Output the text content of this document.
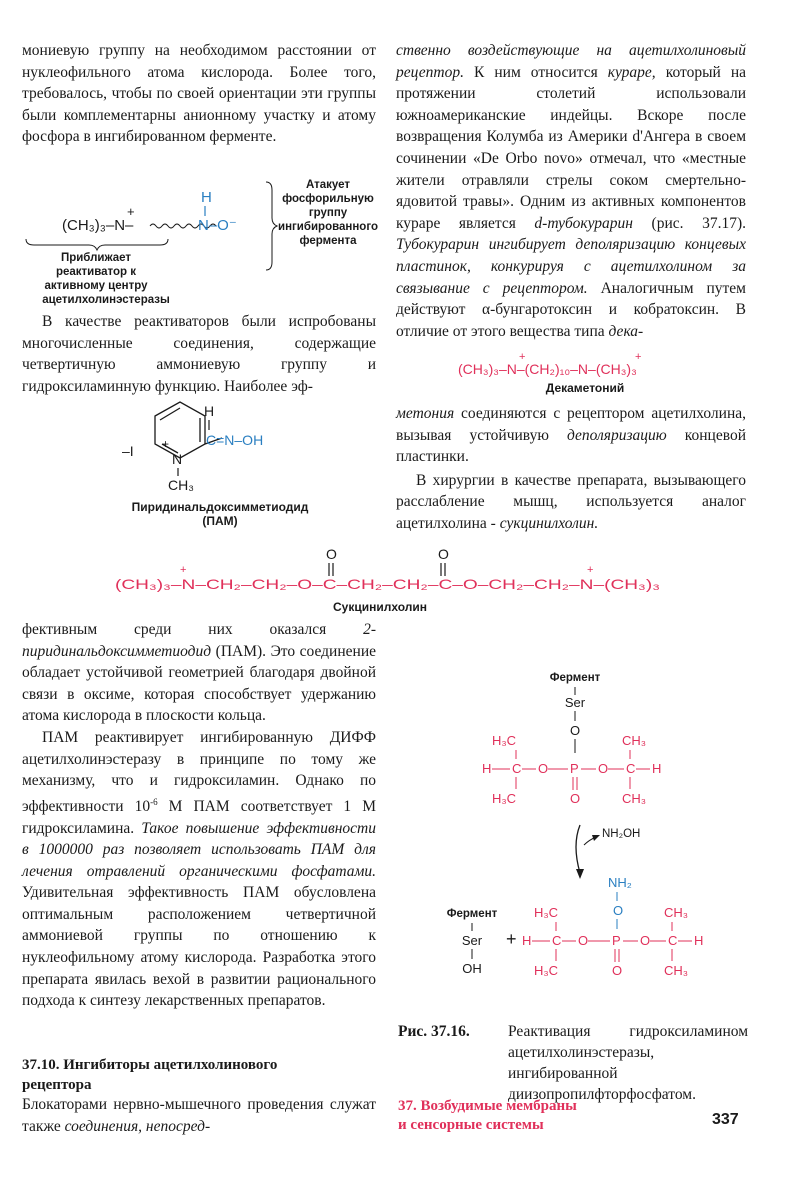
мониевую группу на необходимом расстоянии от нуклеофильного атома кислорода. Более того, требовалось, чтобы по своей ориентации эти группы были комплементарны анионному участку и атому фосфора в ингибированном ферменте.

+
(CH₃)₃–N–
H
N–O⁻
Атакует
фосфорильную
группу
ингибированного
фермента
Приближает
реактиватор к
активному центру
ацетилхолинэстеразы

В качестве реактиваторов были испробованы многочисленные соединения, содержащие четвертичную аммониевую группу и гидроксиламинную функцию. Наиболее эф-

H
C=N–OH
N
+
CH₃
–I
Пиридинальдоксимметиодид
(ПАМ)

ственно воздействующие на ацетилхолиновый рецептор. К ним относится кураре, который на протяжении столетий использовали южноамериканские индейцы. Вскоре после возвращения Колумба из Америки d'Ангера в своем сочинении «De Orbo novo» отмечал, что «местные жители отравляли стрелы соком смертельно-ядовитой травы». Одним из активных компонентов кураре является d-тубокурарин (рис. 37.17). Тубокурарин ингибирует деполяризацию концевых пластинок, конкурируя с ацетилхолином за связывание с рецептором. Аналогичным путем действуют α-бунгаротоксин и кобратоксин. В отличие от этого вещества типа дека-

+	+
(CH₃)₃–N–(CH₂)₁₀–N–(CH₃)₃
Декаметоний

метония соединяются с рецептором ацетилхолина, вызывая устойчивую деполяризацию концевой пластинки.

В хирургии в качестве препарата, вызывающего расслабление мышц, используется аналог ацетилхолина - сукцинилхолин.

O	O
+	+
(CH₃)₃–N–CH₂–CH₂–O–C–CH₂–CH₂–C–O–CH₂–CH₂–N–(CH₃)₃
Сукцинилхолин

фективным среди них оказался 2-пиридинальдоксимметиодид (ПАМ). Это соединение обладает устойчивой геометрией благодаря двойной связи в оксиме, которая способствует удержанию атома кислорода в плоскости кольца.

ПАМ реактивирует ингибированную ДИФФ ацетилхолинэстеразу в принципе по тому же механизму, что и гидроксиламин. Однако по эффективности $10^{-6}$ М ПАМ соответствует 1 М гидроксиламина. Такое повышение эффективности в 1000000 раз позволяет использовать ПАМ для лечения отравлений органическими фосфатами. Удивительная эффективность ПАМ обусловлена оптимальным расположением четвертичной аммониевой группы по отношению к нуклеофильному атому кислорода. Разработка этого препарата явилась вехой в развитии рационального подхода к синтезу лекарственных препаратов.

37.10. Ингибиторы ацетилхолинового
рецептора

Блокаторами нервно-мышечного проведения служат также соединения, непосред-

Фермент
Ser
O
H₃C
H C O P O C H
H₃C
CH₃
CH₃
O
NH₂OH
NH₂
O
Фермент
Ser
OH
+
H₃C
H C O P O C H
H₃C
CH₃
CH₃
O
Рис. 37.16.	Реактивация гидроксиламином ацетилхолинэстеразы, ингибированной диизопропилфторфосфатом.
37. Возбудимые мембраны
и сенсорные системы	337
